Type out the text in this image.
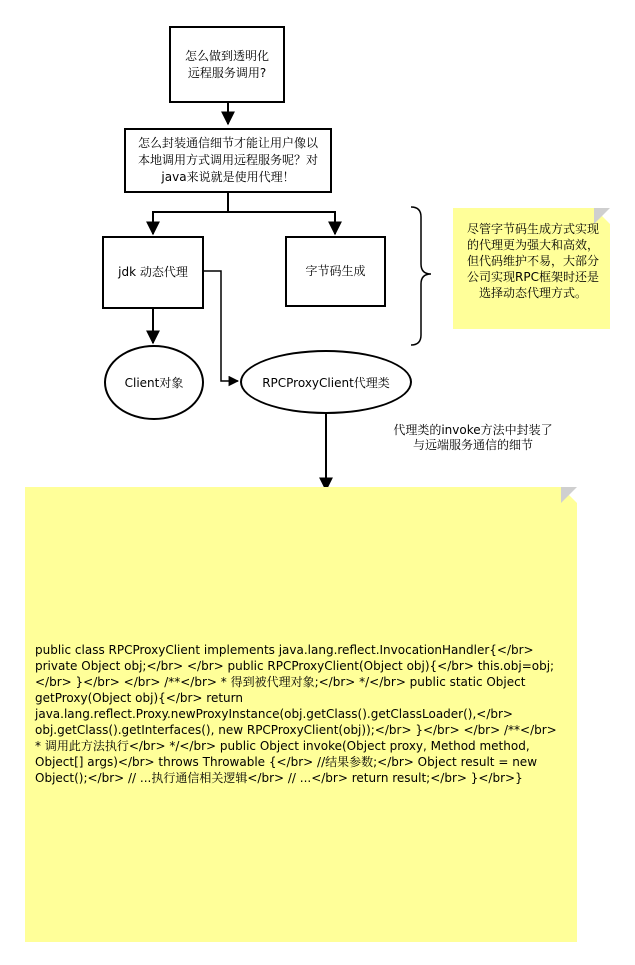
怎么做到透明化远程服务调用?
怎么封装通信细节才能让用户像以本地调用方式调用远程服务呢？对java来说就是使用代理！
jdk 动态代理	字节码生成
Client对象	RPCProxyClient代理类
尽管字节码生成方式实现的代理更为强大和高效，但代码维护不易，大部分公司实现RPC框架时还是选择动态代理方式。
代理类的invoke方法中封装了与远端服务通信的细节
public class RPCProxyClient implements java.lang.reflect.InvocationHandler{</br> private Object obj;</br> </br> public RPCProxyClient(Object obj){</br> this.obj=obj;</br> }</br> </br> /**</br> * 得到被代理对象;</br> */</br> public static Object getProxy(Object obj){</br> return java.lang.reflect.Proxy.newProxyInstance(obj.getClass().getClassLoader(),</br> obj.getClass().getInterfaces(), new RPCProxyClient(obj));</br> }</br> </br> /**</br> * 调用此方法执行</br> */</br> public Object invoke(Object proxy, Method method, Object[] args)</br> throws Throwable {</br> //结果参数;</br> Object result = new Object();</br> // ...执行通信相关逻辑</br> // ...</br> return result;</br> }</br>}
